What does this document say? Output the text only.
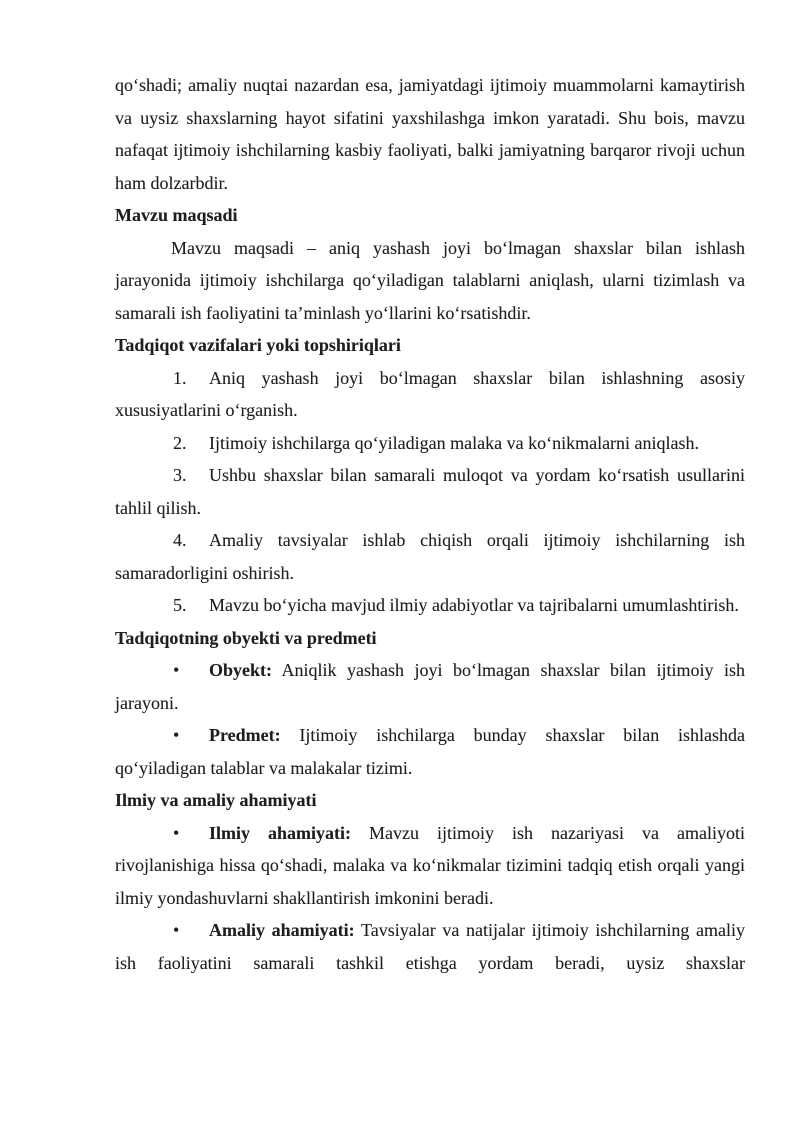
qo‘shadi; amaliy nuqtai nazardan esa, jamiyatdagi ijtimoiy muammolarni kamaytirish va uysiz shaxslarning hayot sifatini yaxshilashga imkon yaratadi. Shu bois, mavzu nafaqat ijtimoiy ishchilarning kasbiy faoliyati, balki jamiyatning barqaror rivoji uchun ham dolzarbdir.

Mavzu maqsadi

Mavzu maqsadi – aniq yashash joyi bo‘lmagan shaxslar bilan ishlash jarayonida ijtimoiy ishchilarga qo‘yiladigan talablarni aniqlash, ularni tizimlash va samarali ish faoliyatini ta’minlash yo‘llarini ko‘rsatishdir.

Tadqiqot vazifalari yoki topshiriqlari

1. Aniq yashash joyi bo‘lmagan shaxslar bilan ishlashning asosiy xususiyatlarini o‘rganish.

2. Ijtimoiy ishchilarga qo‘yiladigan malaka va ko‘nikmalarni aniqlash.

3. Ushbu shaxslar bilan samarali muloqot va yordam ko‘rsatish usullarini tahlil qilish.

4. Amaliy tavsiyalar ishlab chiqish orqali ijtimoiy ishchilarning ish samaradorligini oshirish.

5. Mavzu bo‘yicha mavjud ilmiy adabiyotlar va tajribalarni umumlashtirish.

Tadqiqotning obyekti va predmeti

• Obyekt: Aniqlik yashash joyi bo‘lmagan shaxslar bilan ijtimoiy ish jarayoni.

• Predmet: Ijtimoiy ishchilarga bunday shaxslar bilan ishlashda qo‘yiladigan talablar va malakalar tizimi.

Ilmiy va amaliy ahamiyati

• Ilmiy ahamiyati: Mavzu ijtimoiy ish nazariyasi va amaliyoti rivojlanishiga hissa qo‘shadi, malaka va ko‘nikmalar tizimini tadqiq etish orqali yangi ilmiy yondashuvlarni shakllantirish imkonini beradi.

• Amaliy ahamiyati: Tavsiyalar va natijalar ijtimoiy ishchilarning amaliy ish faoliyatini samarali tashkil etishga yordam beradi, uysiz shaxslar
